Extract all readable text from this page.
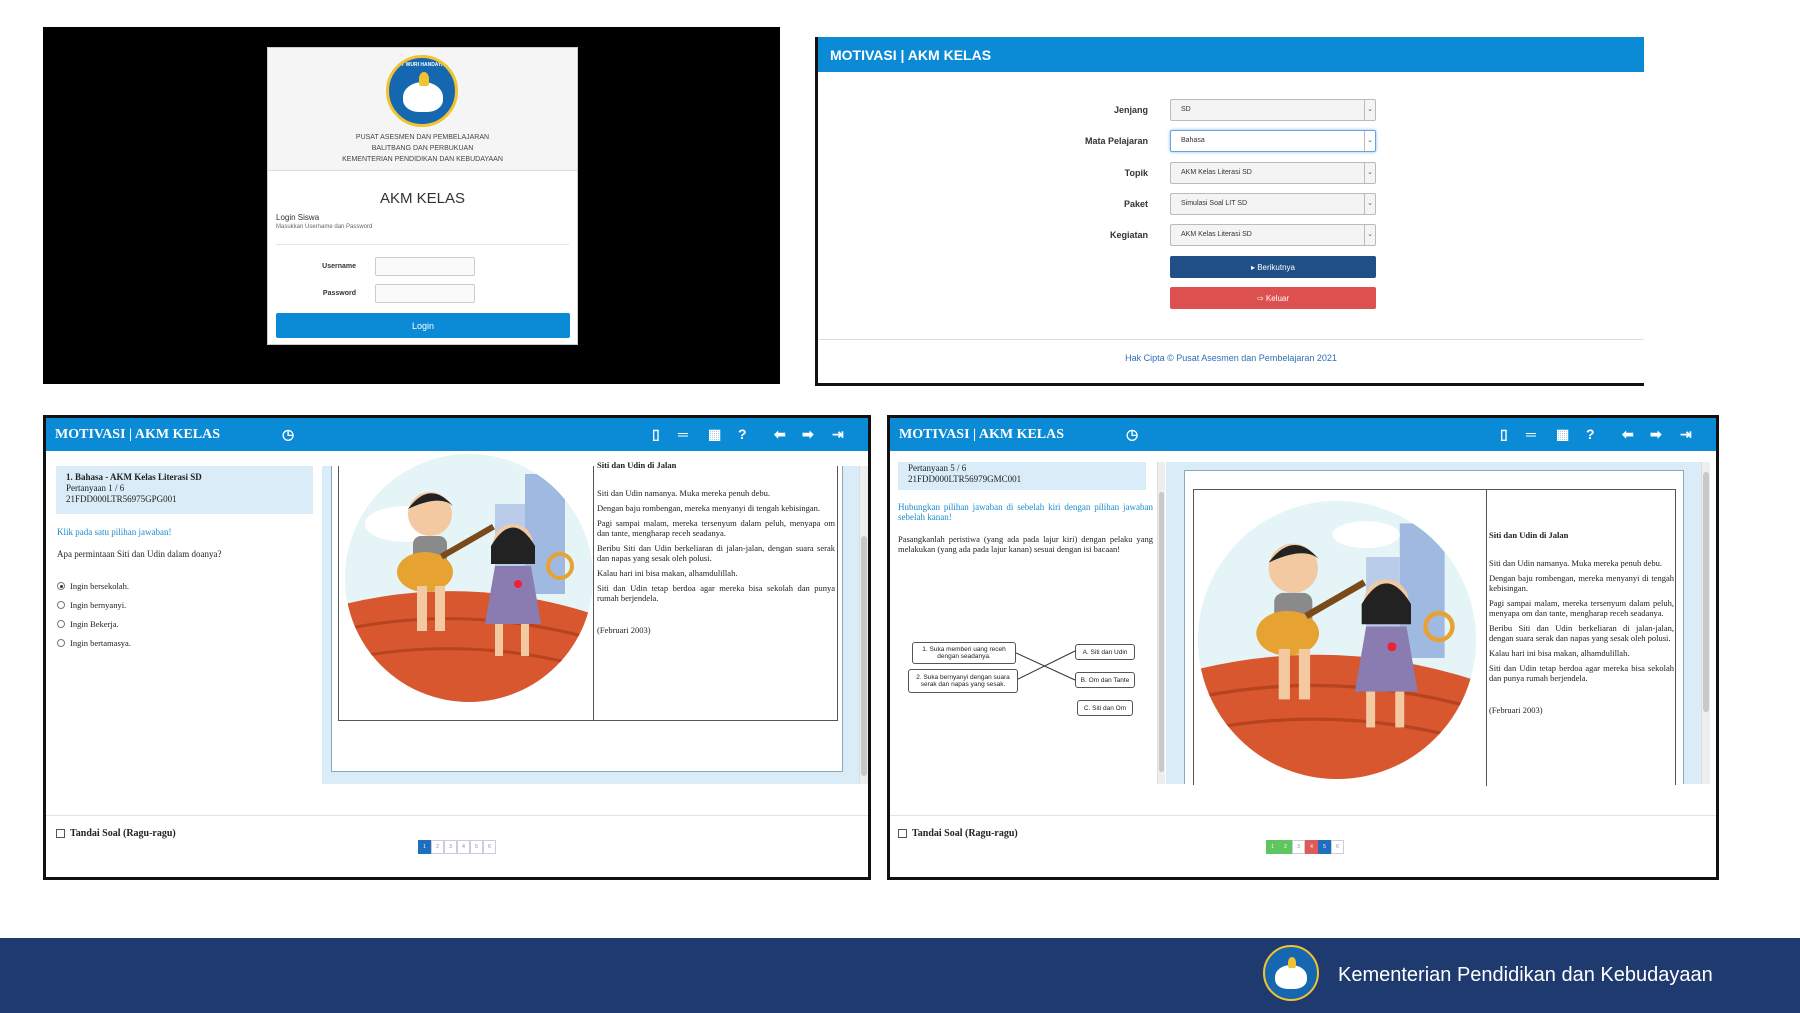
TUT WURI HANDAYANI
PUSAT ASESMEN DAN PEMBELAJARAN
BALITBANG DAN PERBUKUAN
KEMENTERIAN PENDIDIKAN DAN KEBUDAYAAN
AKM KELAS
Login Siswa
Masukkan Username dan Password
Username
Password
Login
MOTIVASI | AKM KELAS
Jenjang	SD	⌄
Mata Pelajaran	Bahasa	⌄
Topik	AKM Kelas Literasi SD	⌄
Paket	Simulasi Soal LIT SD	⌄
Kegiatan	AKM Kelas Literasi SD	⌄
▸ Berikutnya
⇨ Keluar
Hak Cipta © Pusat Asesmen dan Pembelajaran 2021
MOTIVASI | AKM KELAS	◷	▯ ═ ▦ ? ⬅ ➡ ⇥
1. Bahasa - AKM Kelas Literasi SD
Pertanyaan 1 / 6
21FDD000LTR56975GPG001
Klik pada satu pilihan jawaban!
Apa permintaan Siti dan Udin dalam doanya?
Ingin bersekolah.
Ingin bernyanyi.
Ingin Bekerja.
Ingin bertamasya.

Siti dan Udin di Jalan

Siti dan Udin namanya. Muka mereka penuh debu.

Dengan baju rombengan, mereka menyanyi di tengah kebisingan.

Pagi sampai malam, mereka tersenyum dalam peluh, menyapa om dan tante, mengharap receh seadanya.

Beribu Siti dan Udin berkeliaran di jalan-jalan, dengan suara serak dan napas yang sesak oleh polusi.

Kalau hari ini bisa makan, alhamdulillah.

Siti dan Udin tetap berdoa agar mereka bisa sekolah dan punya rumah berjendela.

(Februari 2003)

Tandai Soal (Ragu-ragu)
1	2	3	4	5	6
MOTIVASI | AKM KELAS	◷	▯ ═ ▦ ? ⬅ ➡ ⇥
Pertanyaan 5 / 6
21FDD000LTR56979GMC001
Hubungkan pilihan jawaban di sebelah kiri dengan pilihan jawaban sebelah kanan!
Pasangkanlah peristiwa (yang ada pada lajur kiri) dengan pelaku yang melakukan (yang ada pada lajur kanan) sesuai dengan isi bacaan!
1. Suka memberi uang receh dengan seadanya.
2. Suka bernyanyi dengan suara serak dan napas yang sesak.
A. Siti dan Udin
B. Om dan Tante
C. Siti dan Om

Siti dan Udin di Jalan

Siti dan Udin namanya. Muka mereka penuh debu.

Dengan baju rombengan, mereka menyanyi di tengah kebisingan.

Pagi sampai malam, mereka tersenyum dalam peluh, menyapa om dan tante, mengharap receh seadanya.

Beribu Siti dan Udin berkeliaran di jalan-jalan, dengan suara serak dan napas yang sesak oleh polusi.

Kalau hari ini bisa makan, alhamdulillah.

Siti dan Udin tetap berdoa agar mereka bisa sekolah dan punya rumah berjendela.

(Februari 2003)

Tandai Soal (Ragu-ragu)
1	2	3	4	5	6
Kementerian Pendidikan dan Kebudayaan
